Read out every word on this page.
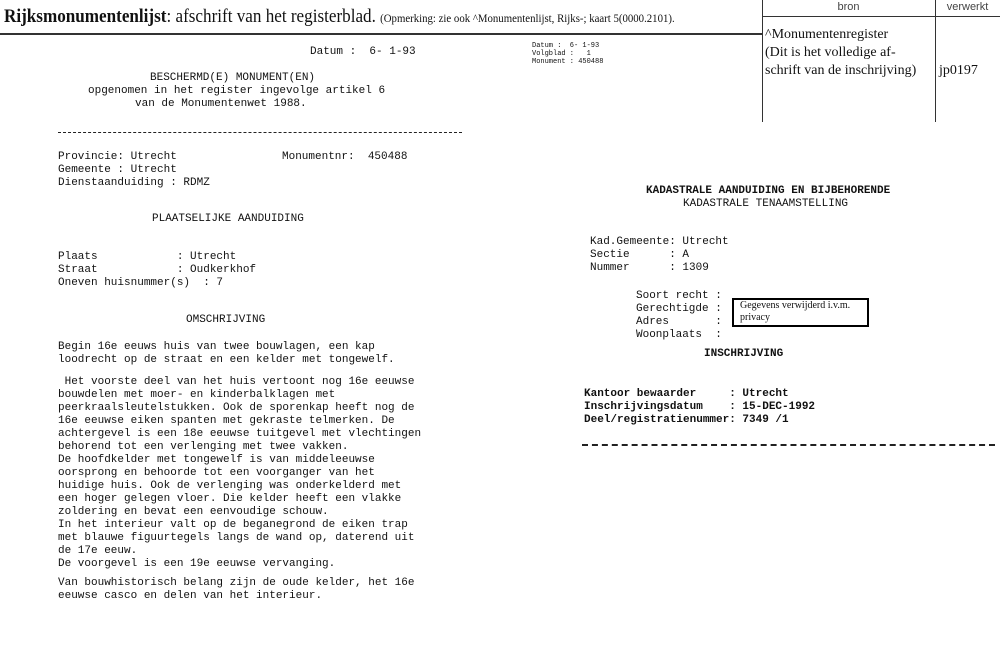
Rijksmonumentenlijst: afschrift van het registerblad. (Opmerking: zie ook ^Monumentenlijst, Rijks-; kaart 5(0000.2101).
bron	verwerkt
^Monumentenregister
(Dit is het volledige af-
schrift van de inschrijving) jp0197
Datum :  6- 1-93
BESCHERMD(E) MONUMENT(EN)
opgenomen in het register ingevolge artikel 6
van de Monumentenwet 1988.
Provincie: Utrecht	Monumentnr:  450488
Gemeente : Utrecht
Dienstaanduiding : RDMZ
PLAATSELIJKE AANDUIDING
Plaats            : Utrecht
Straat            : Oudkerkhof
Oneven huisnummer(s)  : 7
OMSCHRIJVING
Begin 16e eeuws huis van twee bouwlagen, een kap
loodrecht op de straat en een kelder met tongewelf.
Het voorste deel van het huis vertoont nog 16e eeuwse
bouwdelen met moer- en kinderbalklagen met
peerkraalsleutelstukken. Ook de sporenkap heeft nog de
16e eeuwse eiken spanten met gekraste telmerken. De
achtergevel is een 18e eeuwse tuitgevel met vlechtingen
behorend tot een verlenging met twee vakken.
De hoofdkelder met tongewelf is van middeleeuwse
oorsprong en behoorde tot een voorganger van het
huidige huis. Ook de verlenging was onderkelderd met
een hoger gelegen vloer. Die kelder heeft een vlakke
zoldering en bevat een eenvoudige schouw.
In het interieur valt op de beganegrond de eiken trap
met blauwe figuurtegels langs de wand op, daterend uit
de 17e eeuw.
De voorgevel is een 19e eeuwse vervanging.
Van bouwhistorisch belang zijn de oude kelder, het 16e
eeuwse casco en delen van het interieur.
Datum :  6- 1-93
Volgblad :   1
Monument : 450488
KADASTRALE AANDUIDING EN BIJBEHORENDE
KADASTRALE TENAAMSTELLING
Kad.Gemeente: Utrecht
Sectie      : A
Nummer      : 1309
Soort recht :
Gerechtigde :
Adres       :
Woonplaats  :
Gegevens verwijderd i.v.m.
privacy
INSCHRIJVING
Kantoor bewaarder     : Utrecht
Inschrijvingsdatum    : 15-DEC-1992
Deel/registratienummer: 7349 /1
